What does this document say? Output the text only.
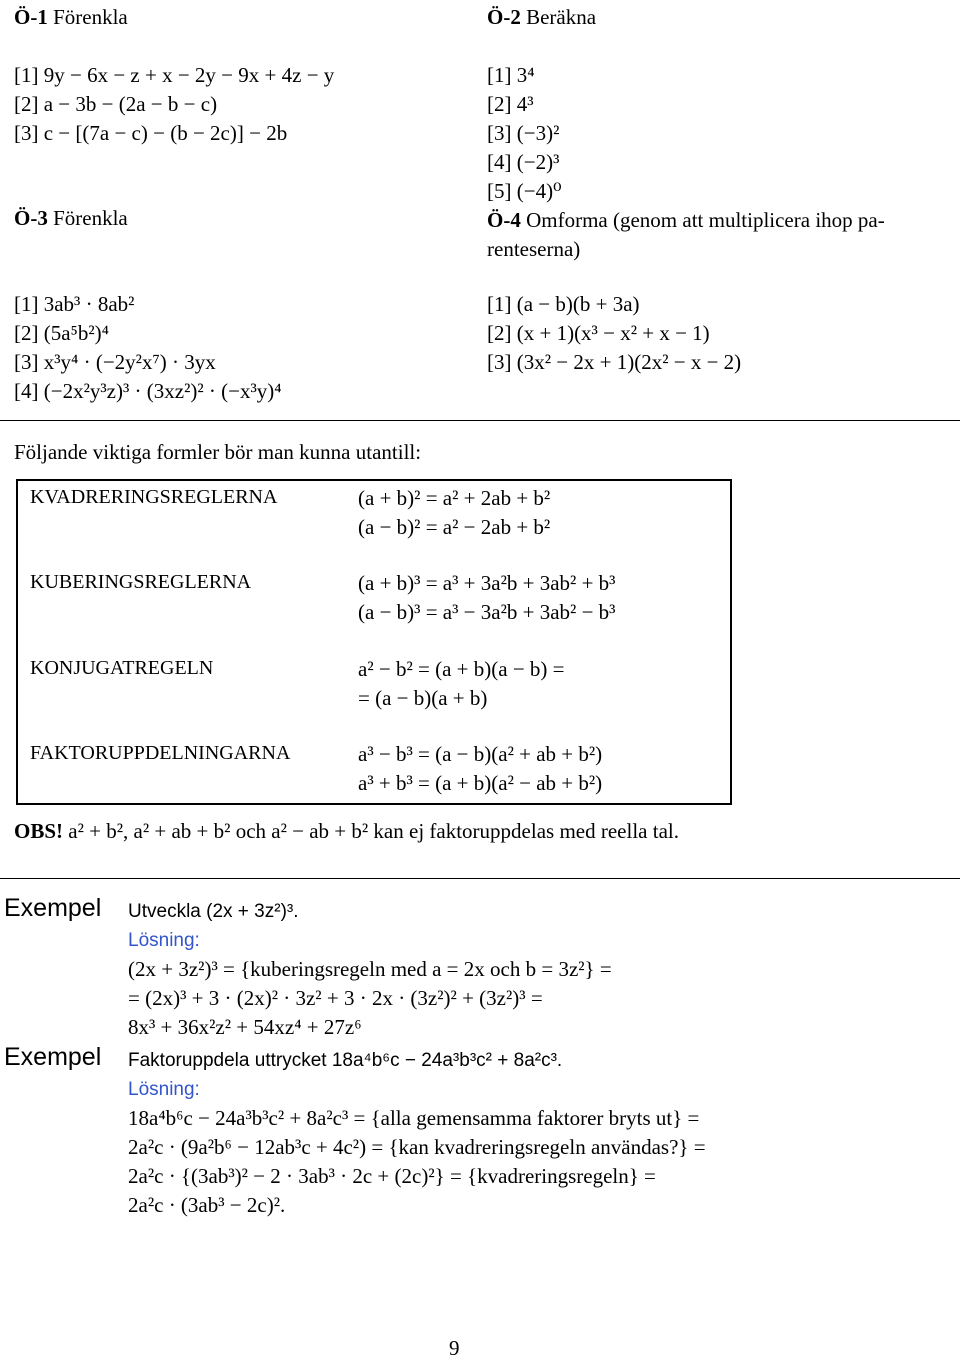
Ö-1 Förenkla
[1] 9y − 6x − z + x − 2y − 9x + 4z − y
[2] a − 3b − (2a − b − c)
[3] c − [(7a − c) − (b − 2c)] − 2b
Ö-2 Beräkna
[1] 3⁴
[2] 4³
[3] (−3)²
[4] (−2)³
[5] (−4)⁰
Ö-3 Förenkla
[1] 3ab³ · 8ab²
[2] (5a⁵b²)⁴
[3] x³y⁴ · (−2y²x⁷) · 3yx
[4] (−2x²y³z)³ · (3xz²)² · (−x³y)⁴
Ö-4 Omforma (genom att multiplicera ihop pa-
renteserna)
[1] (a − b)(b + 3a)
[2] (x + 1)(x³ − x² + x − 1)
[3] (3x² − 2x + 1)(2x² − x − 2)
Följande viktiga formler bör man kunna utantill:
KVADRERINGSREGLERNA	(a + b)² = a² + 2ab + b²
(a − b)² = a² − 2ab + b²
KUBERINGSREGLERNA	(a + b)³ = a³ + 3a²b + 3ab² + b³
(a − b)³ = a³ − 3a²b + 3ab² − b³
KONJUGATREGELN	a² − b² = (a + b)(a − b) =
= (a − b)(a + b)
FAKTORUPPDELNINGARNA	a³ − b³ = (a − b)(a² + ab + b²)
a³ + b³ = (a + b)(a² − ab + b²)
OBS! a² + b², a² + ab + b² och a² − ab + b² kan ej faktoruppdelas med reella tal.
Exempel Utveckla (2x + 3z²)³.
Lösning:
(2x + 3z²)³ = {kuberingsregeln med a = 2x och b = 3z²} =
= (2x)³ + 3 · (2x)² · 3z² + 3 · 2x · (3z²)² + (3z²)³ =
8x³ + 36x²z² + 54xz⁴ + 27z⁶
Exempel Faktoruppdela uttrycket 18a⁴b⁶c − 24a³b³c² + 8a²c³.
Lösning:
18a⁴b⁶c − 24a³b³c² + 8a²c³ = {alla gemensamma faktorer bryts ut} =
2a²c · (9a²b⁶ − 12ab³c + 4c²) = {kan kvadreringsregeln användas?} =
2a²c · {(3ab³)² − 2 · 3ab³ · 2c + (2c)²} = {kvadreringsregeln} =
2a²c · (3ab³ − 2c)².
9
